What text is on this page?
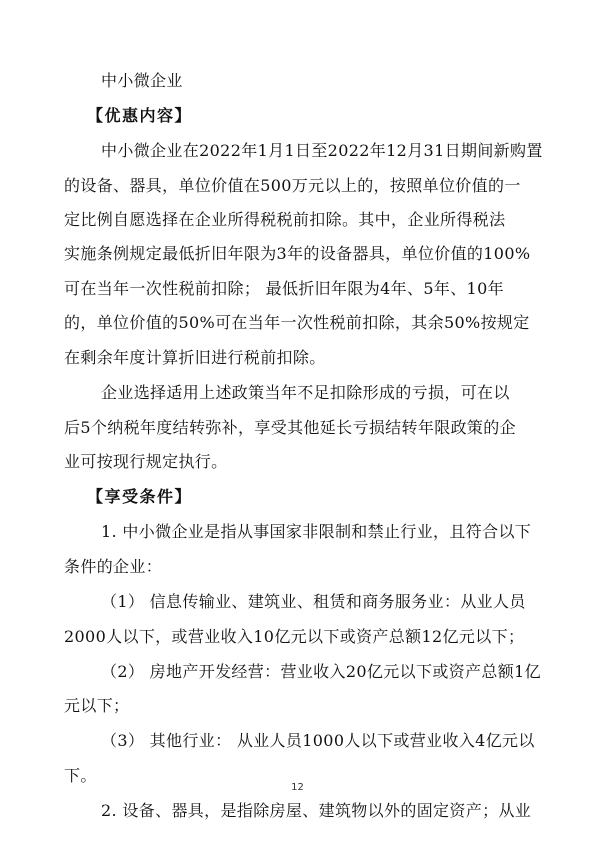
中小微企业
【优惠内容】
中小微企业在2022年1月1日至2022年12月31日期间新购置
的设备、器具，单位价值在500万元以上的，按照单位价值的一
定比例自愿选择在企业所得税税前扣除。其中，企业所得税法
实施条例规定最低折旧年限为3年的设备器具，单位价值的100%
可在当年一次性税前扣除； 最低折旧年限为4年、5年、10年
的，单位价值的50%可在当年一次性税前扣除，其余50%按规定
在剩余年度计算折旧进行税前扣除。
企业选择适用上述政策当年不足扣除形成的亏损，可在以
后5个纳税年度结转弥补，享受其他延长亏损结转年限政策的企
业可按现行规定执行。
【享受条件】
1. 中小微企业是指从事国家非限制和禁止行业，且符合以下
条件的企业：
（1） 信息传输业、建筑业、租赁和商务服务业：从业人员
2000人以下，或营业收入10亿元以下或资产总额12亿元以下；
（2） 房地产开发经营：营业收入20亿元以下或资产总额1亿
元以下；
（3） 其他行业： 从业人员1000人以下或营业收入4亿元以
下。
2. 设备、器具，是指除房屋、建筑物以外的固定资产；从业
12
